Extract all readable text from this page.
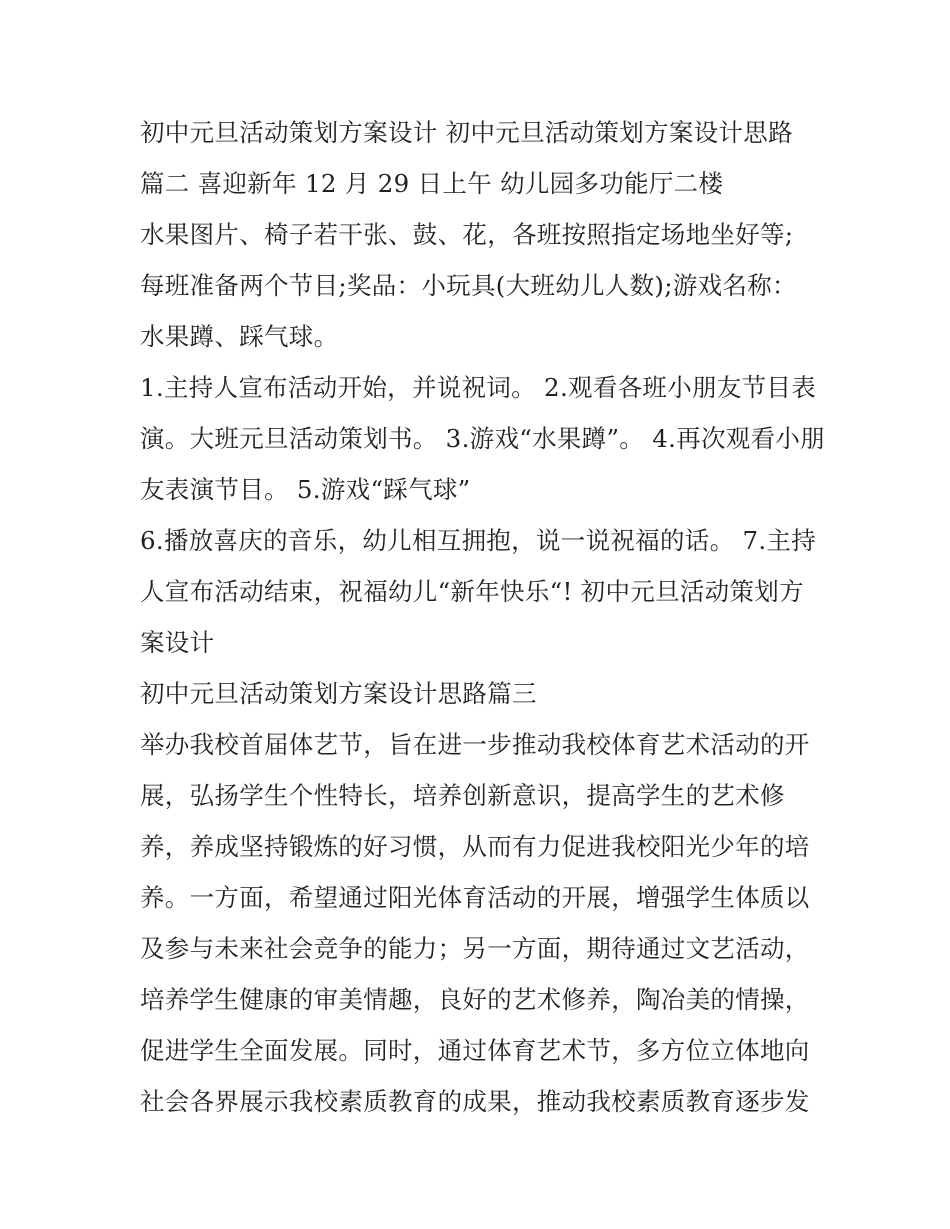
初中元旦活动策划方案设计 初中元旦活动策划方案设计思路
篇二 喜迎新年 12 月 29 日上午 幼儿园多功能厅二楼
水果图片、椅子若干张、鼓、花，各班按照指定场地坐好等;
每班准备两个节目;奖品：小玩具(大班幼儿人数);游戏名称：
水果蹲、踩气球。
1.主持人宣布活动开始，并说祝词。 2.观看各班小朋友节目表
演。大班元旦活动策划书。 3.游戏“水果蹲”。 4.再次观看小朋
友表演节目。 5.游戏“踩气球”
6.播放喜庆的音乐，幼儿相互拥抱，说一说祝福的话。 7.主持
人宣布活动结束，祝福幼儿“新年快乐“! 初中元旦活动策划方
案设计
初中元旦活动策划方案设计思路篇三
举办我校首届体艺节，旨在进一步推动我校体育艺术活动的开
展，弘扬学生个性特长，培养创新意识，提高学生的艺术修
养，养成坚持锻炼的好习惯，从而有力促进我校阳光少年的培
养。一方面，希望通过阳光体育活动的开展，增强学生体质以
及参与未来社会竞争的能力；另一方面，期待通过文艺活动，
培养学生健康的审美情趣，良好的艺术修养，陶冶美的情操，
促进学生全面发展。同时，通过体育艺术节，多方位立体地向
社会各界展示我校素质教育的成果，推动我校素质教育逐步发
